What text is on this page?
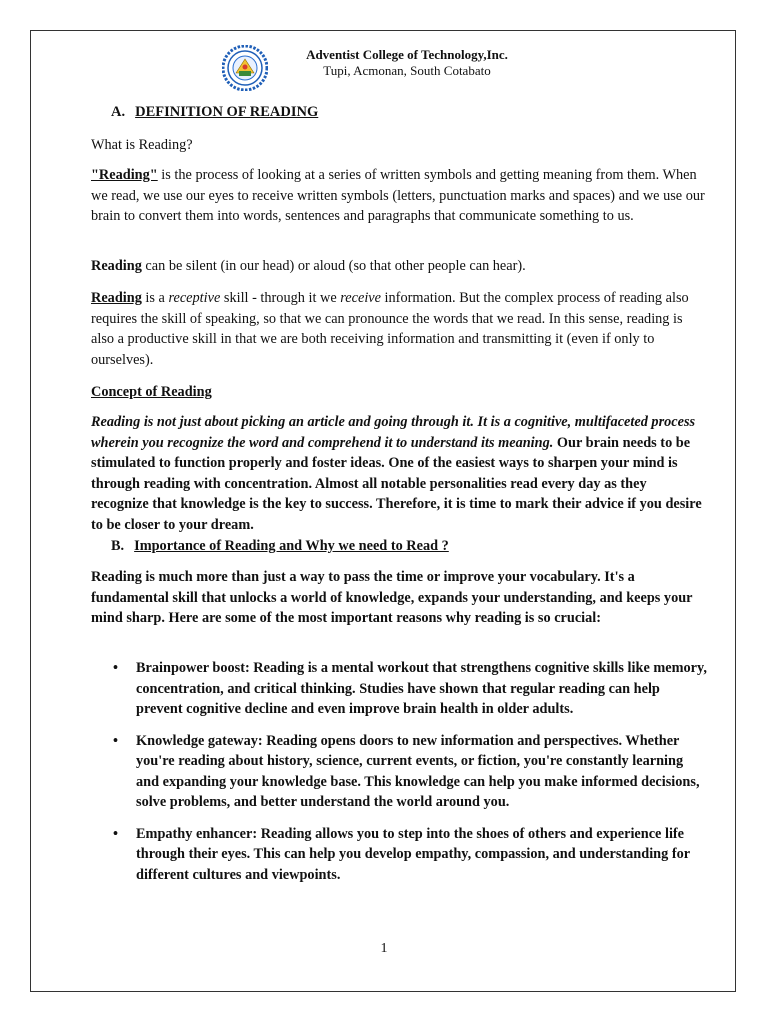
Adventist College of Technology,Inc.
Tupi, Acmonan, South Cotabato
A. DEFINITION OF READING

What is Reading?

"Reading" is the process of looking at a series of written symbols and getting meaning from them. When we read, we use our eyes to receive written symbols (letters, punctuation marks and spaces) and we use our brain to convert them into words, sentences and paragraphs that communicate something to us.

Reading can be silent (in our head) or aloud (so that other people can hear).

Reading is a receptive skill - through it we receive information. But the complex process of reading also requires the skill of speaking, so that we can pronounce the words that we read. In this sense, reading is also a productive skill in that we are both receiving information and transmitting it (even if only to ourselves).

Concept of Reading

Reading is not just about picking an article and going through it. It is a cognitive, multifaceted process wherein you recognize the word and comprehend it to understand its meaning. Our brain needs to be stimulated to function properly and foster ideas. One of the easiest ways to sharpen your mind is through reading with concentration. Almost all notable personalities read every day as they recognize that knowledge is the key to success. Therefore, it is time to mark their advice if you desire to be closer to your dream.

B. Importance of Reading and Why we need to Read ?

Reading is much more than just a way to pass the time or improve your vocabulary. It's a fundamental skill that unlocks a world of knowledge, expands your understanding, and keeps your mind sharp. Here are some of the most important reasons why reading is so crucial:

• Brainpower boost: Reading is a mental workout that strengthens cognitive skills like memory, concentration, and critical thinking. Studies have shown that regular reading can help prevent cognitive decline and even improve brain health in older adults.
• Knowledge gateway: Reading opens doors to new information and perspectives. Whether you're reading about history, science, current events, or fiction, you're constantly learning and expanding your knowledge base. This knowledge can help you make informed decisions, solve problems, and better understand the world around you.
• Empathy enhancer: Reading allows you to step into the shoes of others and experience life through their eyes. This can help you develop empathy, compassion, and understanding for different cultures and viewpoints.
1
